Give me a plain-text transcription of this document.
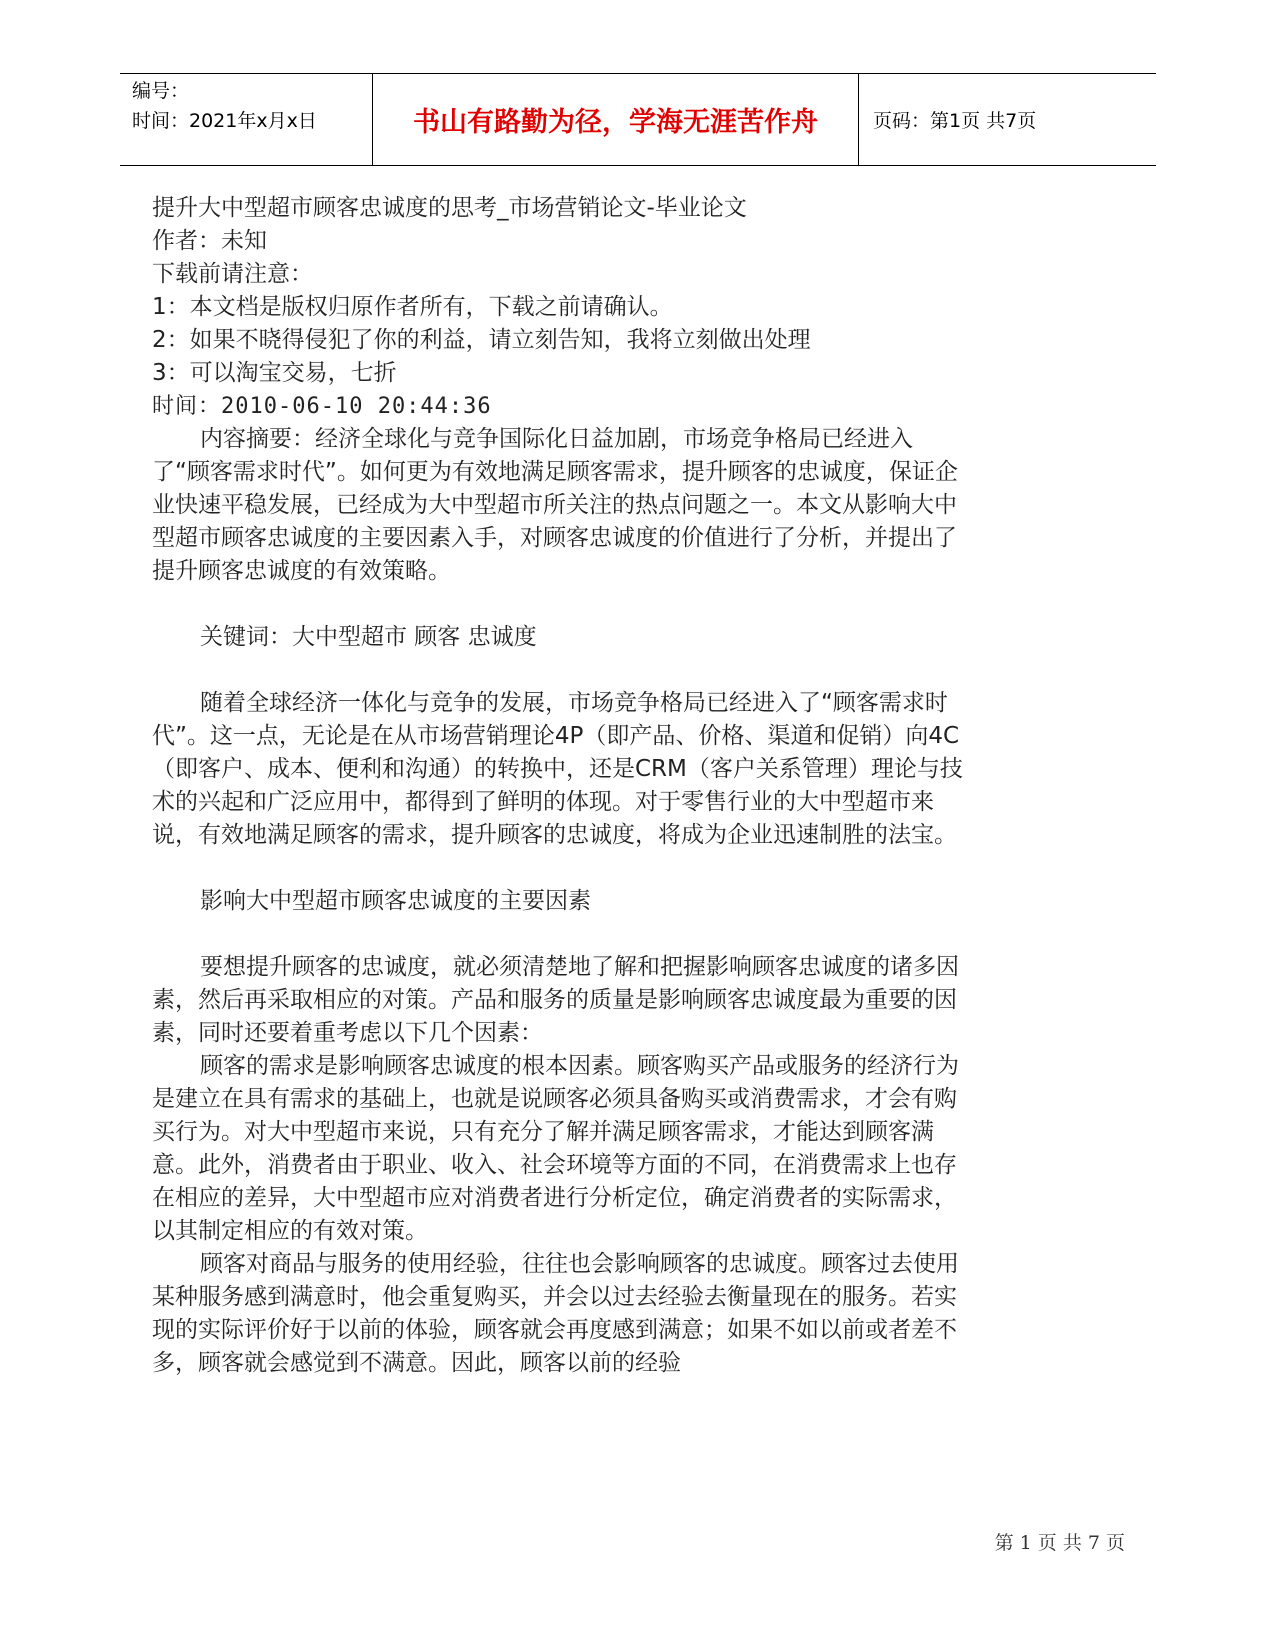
编号：
时间：2021年x月x日	书山有路勤为径，学海无涯苦作舟	页码：第1页 共7页

提升大中型超市顾客忠诚度的思考_市场营销论文-毕业论文

作者：未知

下载前请注意：

1：本文档是版权归原作者所有，下载之前请确认。

2：如果不晓得侵犯了你的利益，请立刻告知，我将立刻做出处理

3：可以淘宝交易，七折

时间：2010-06-10 20:44:36

内容摘要：经济全球化与竞争国际化日益加剧，市场竞争格局已经进入了“顾客需求时代”。如何更为有效地满足顾客需求，提升顾客的忠诚度，保证企业快速平稳发展，已经成为大中型超市所关注的热点问题之一。本文从影响大中型超市顾客忠诚度的主要因素入手，对顾客忠诚度的价值进行了分析，并提出了提升顾客忠诚度的有效策略。

关键词：大中型超市 顾客 忠诚度

随着全球经济一体化与竞争的发展，市场竞争格局已经进入了“顾客需求时代”。这一点，无论是在从市场营销理论4P（即产品、价格、渠道和促销）向4C（即客户、成本、便利和沟通）的转换中，还是CRM（客户关系管理）理论与技术的兴起和广泛应用中，都得到了鲜明的体现。对于零售行业的大中型超市来说，有效地满足顾客的需求，提升顾客的忠诚度，将成为企业迅速制胜的法宝。

影响大中型超市顾客忠诚度的主要因素

要想提升顾客的忠诚度，就必须清楚地了解和把握影响顾客忠诚度的诸多因素，然后再采取相应的对策。产品和服务的质量是影响顾客忠诚度最为重要的因素，同时还要着重考虑以下几个因素：

顾客的需求是影响顾客忠诚度的根本因素。顾客购买产品或服务的经济行为是建立在具有需求的基础上，也就是说顾客必须具备购买或消费需求，才会有购买行为。对大中型超市来说，只有充分了解并满足顾客需求，才能达到顾客满意。此外，消费者由于职业、收入、社会环境等方面的不同，在消费需求上也存在相应的差异，大中型超市应对消费者进行分析定位，确定消费者的实际需求，以其制定相应的有效对策。

顾客对商品与服务的使用经验，往往也会影响顾客的忠诚度。顾客过去使用某种服务感到满意时，他会重复购买，并会以过去经验去衡量现在的服务。若实现的实际评价好于以前的体验，顾客就会再度感到满意；如果不如以前或者差不多，顾客就会感觉到不满意。因此，顾客以前的经验

第 1 页 共 7 页
